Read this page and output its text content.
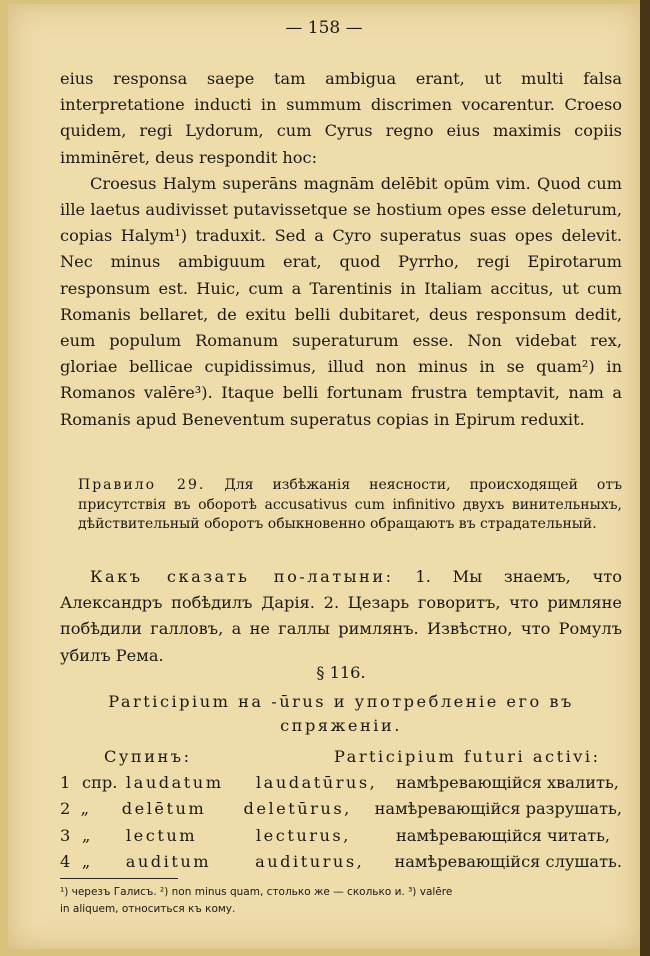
— 158 —

eius responsa saepe tam ambigua erant, ut multi falsa interpretatione inducti in summum discrimen vocarentur. Croeso quidem, regi Lydorum, cum Cyrus regno eius maximis copiis imminēret, deus respondit hoc:

Croesus Halym superāns magnām delēbit opūm vim. Quod cum ille laetus audivisset putavissetque se hostium opes esse deleturum, copias Halym¹) traduxit. Sed a Cyro superatus suas opes delevit. Nec minus ambiguum erat, quod Pyrrho, regi Epirotarum responsum est. Huic, cum a Tarentinis in Italiam accitus, ut cum Romanis bellaret, de exitu belli dubitaret, deus responsum dedit, eum populum Romanum superaturum esse. Non videbat rex, gloriae bellicae cupidissimus, illud non minus in se quam²) in Romanos valēre³). Itaque belli fortunam frustra temptavit, nam a Romanis apud Beneventum superatus copias in Epirum reduxit.

Правило 29. Для избѣжанія неясности, происходящей отъ присутствія въ оборотѣ accusativus cum infinitivo двухъ винительныхъ, дѣйствительный оборотъ обыкновенно обращаютъ въ страдательный.

Какъ сказать по-латыни: 1. Мы знаемъ, что Александръ побѣдилъ Дарія. 2. Цезарь говоритъ, что римляне побѣдили галловъ, а не галлы римлянъ. Извѣстно, что Ромулъ убилъ Рема.

§ 116.
Participium на -ūrus и употребленіе его въ
спряженіи.
Супинъ:	Participium futuri activi:
1 спр. laudatum	laudatūrus,	намѣревающійся хвалить,
2 „	delētum	deletūrus,	намѣревающійся разрушать,
3 „	lectum	lecturus,	намѣревающійся читать,
4 „	auditum	auditurus,	намѣревающійся слушать.
¹) черезъ Галисъ. ²) non minus quam, столько же — сколько и. ³) valēre
in aliquem, относиться къ кому.
